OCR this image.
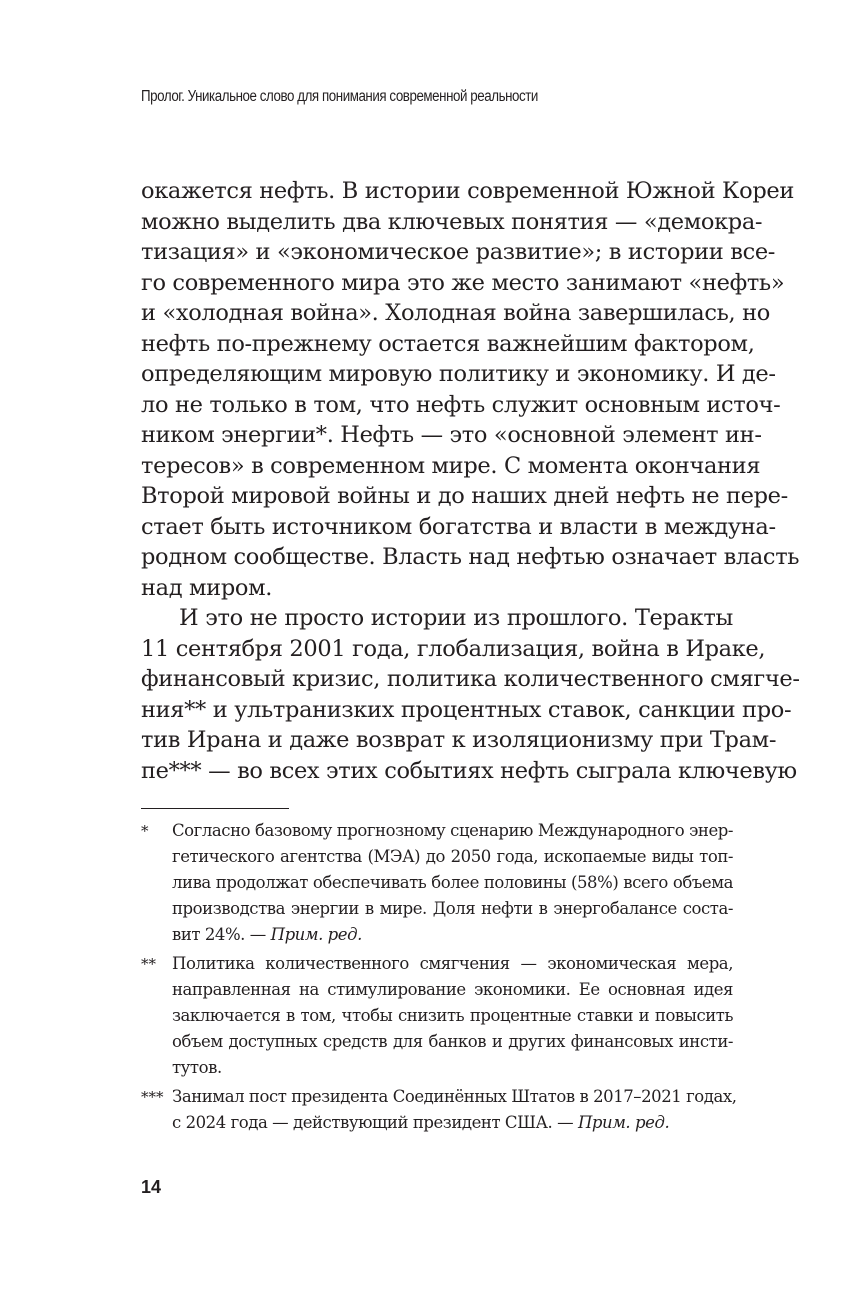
Пролог. Уникальное слово для понимания современной реальности
окажется нефть. В истории современной Южной Кореи
можно выделить два ключевых понятия — «демокра-
тизация» и «экономическое развитие»; в истории все-
го современного мира это же место занимают «нефть»
и «холодная война». Холодная война завершилась, но
нефть по-прежнему остается важнейшим фактором,
определяющим мировую политику и экономику. И де-
ло не только в том, что нефть служит основным источ-
ником энергии*. Нефть — это «основной элемент ин-
тересов» в современном мире. С момента окончания
Второй мировой войны и до наших дней нефть не пере-
стает быть источником богатства и власти в междуна-
родном сообществе. Власть над нефтью означает власть
над миром.
И это не просто истории из прошлого. Теракты
11 сентября 2001 года, глобализация, война в Ираке,
финансовый кризис, политика количественного смягче-
ния** и ультранизких процентных ставок, санкции про-
тив Ирана и даже возврат к изоляционизму при Трам-
пе*** — во всех этих событиях нефть сыграла ключевую
* Согласно базовому прогнозному сценарию Международного энер-
гетического агентства (МЭА) до 2050 года, ископаемые виды топ-
лива продолжат обеспечивать более половины (58%) всего объема
производства энергии в мире. Доля нефти в энергобалансе соста-
вит 24%. — Прим. ред.
** Политика количественного смягчения — экономическая мера,
направленная на стимулирование экономики. Ее основная идея
заключается в том, чтобы снизить процентные ставки и повысить
объем доступных средств для банков и других финансовых инсти-
тутов.
*** Занимал пост президента Соединённых Штатов в 2017–2021 годах,
с 2024 года — действующий президент США. — Прим. ред.
14
